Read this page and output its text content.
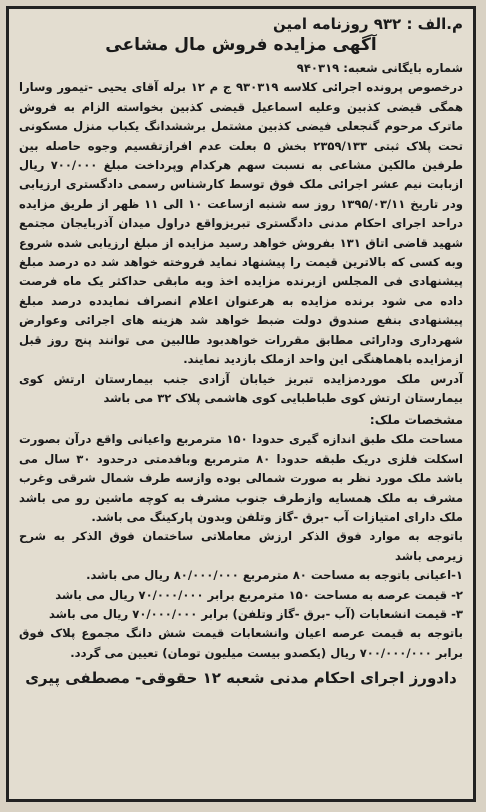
م.الف : ۹۳۲ روزنامه امین
آگهی مزایده فروش مال مشاعی
شماره بایگانی شعبه: ۹۴۰۳۱۹
درخصوص پرونده اجرائی کلاسه ۹۳۰۳۱۹ ج م ۱۲ برله آقای یحیی -تیمور وسارا همگی قیضی کذبین وعلیه اسماعیل قیضی کذبین بخواسته الزام به فروش ماترک مرحوم گنجعلی فیضی کذبین مشتمل برششدانگ یکباب منزل مسکونی تحت پلاک ثبتی ۲۳۵۹/۱۳۳ بخش ۵ بعلت عدم افرازتقسیم وجوه حاصله بین طرفین مالکین مشاعی به نسبت سهم هرکدام وپرداخت مبلغ ۷۰۰/۰۰۰ ریال ازبابت نیم عشر اجرائی ملک فوق توسط کارشناس رسمی دادگستری ارزیابی ودر تاریخ ۱۳۹۵/۰۳/۱۱ روز سه شنبه ازساعت ۱۰ الی ۱۱ ظهر از طریق مزایده دراحد اجرای احکام مدنی دادگستری تبریزواقع دراول میدان آذربایجان مجتمع شهید قاضی اتاق ۱۳۱ بفروش خواهد رسید مزایده از مبلغ ارزیابی شده شروع وبه کسی که بالاترین قیمت را پیشنهاد نماید فروخته خواهد شد ده درصد مبلغ پیشنهادی فی المجلس ازبرنده مزایده اخذ وبه مابقی حداکثر یک ماه فرصت داده می شود برنده مزایده به هرعنوان اعلام انصراف نمایدده درصد مبلغ پیشنهادی بنفع صندوق دولت ضبط خواهد شد هزینه های اجرائی وعوارض شهرداری ودارائی مطابق مقررات خواهدبود طالبین می توانند پنج روز قبل ازمزایده باهماهنگی این واحد ازملک بازدید نمایند.
آدرس ملک موردمزایده تبریز خیابان آزادی جنب بیمارستان ارتش کوی بیمارستان ارتش کوی طباطبایی کوی هاشمی پلاک ۳۲ می باشد
مشخصات ملک:
مساحت ملک طبق اندازه گیری حدودا ۱۵۰ مترمربع واعیانی واقع درآن بصورت اسکلت فلزی دریک طبقه حدودا ۸۰ مترمربع وبافدمتی درحدود ۳۰ سال می باشد ملک مورد نظر به صورت شمالی بوده وازسه طرف شمال شرقی وغرب مشرف به ملک همسایه وازطرف جنوب مشرف به کوچه ماشین رو می باشد ملک دارای امتیازات آب -برق -گاز وتلفن وبدون پارکینگ می باشد.
باتوجه به موارد فوق الذکر ارزش معاملاتی ساختمان فوق الذکر به شرح زیرمی باشد
۱-اعیانی باتوجه به مساحت ۸۰ مترمربع ۸۰/۰۰۰/۰۰۰ ریال می باشد.
۲- قیمت عرصه به مساحت ۱۵۰ مترمربع برابر ۷۰/۰۰۰/۰۰۰ ریال می باشد
۳- قیمت انشعابات (آب -برق -گاز وتلفن) برابر ۷۰/۰۰۰/۰۰۰ ریال می باشد
باتوجه به قیمت عرصه اعیان وانشعابات قیمت شش دانگ مجموع پلاک فوق برابر ۷۰۰/۰۰۰/۰۰۰ ریال (یکصدو بیست میلیون تومان) تعیین می گردد.
دادورز اجرای احکام مدنی شعبه ۱۲ حقوقی- مصطفی پیری
